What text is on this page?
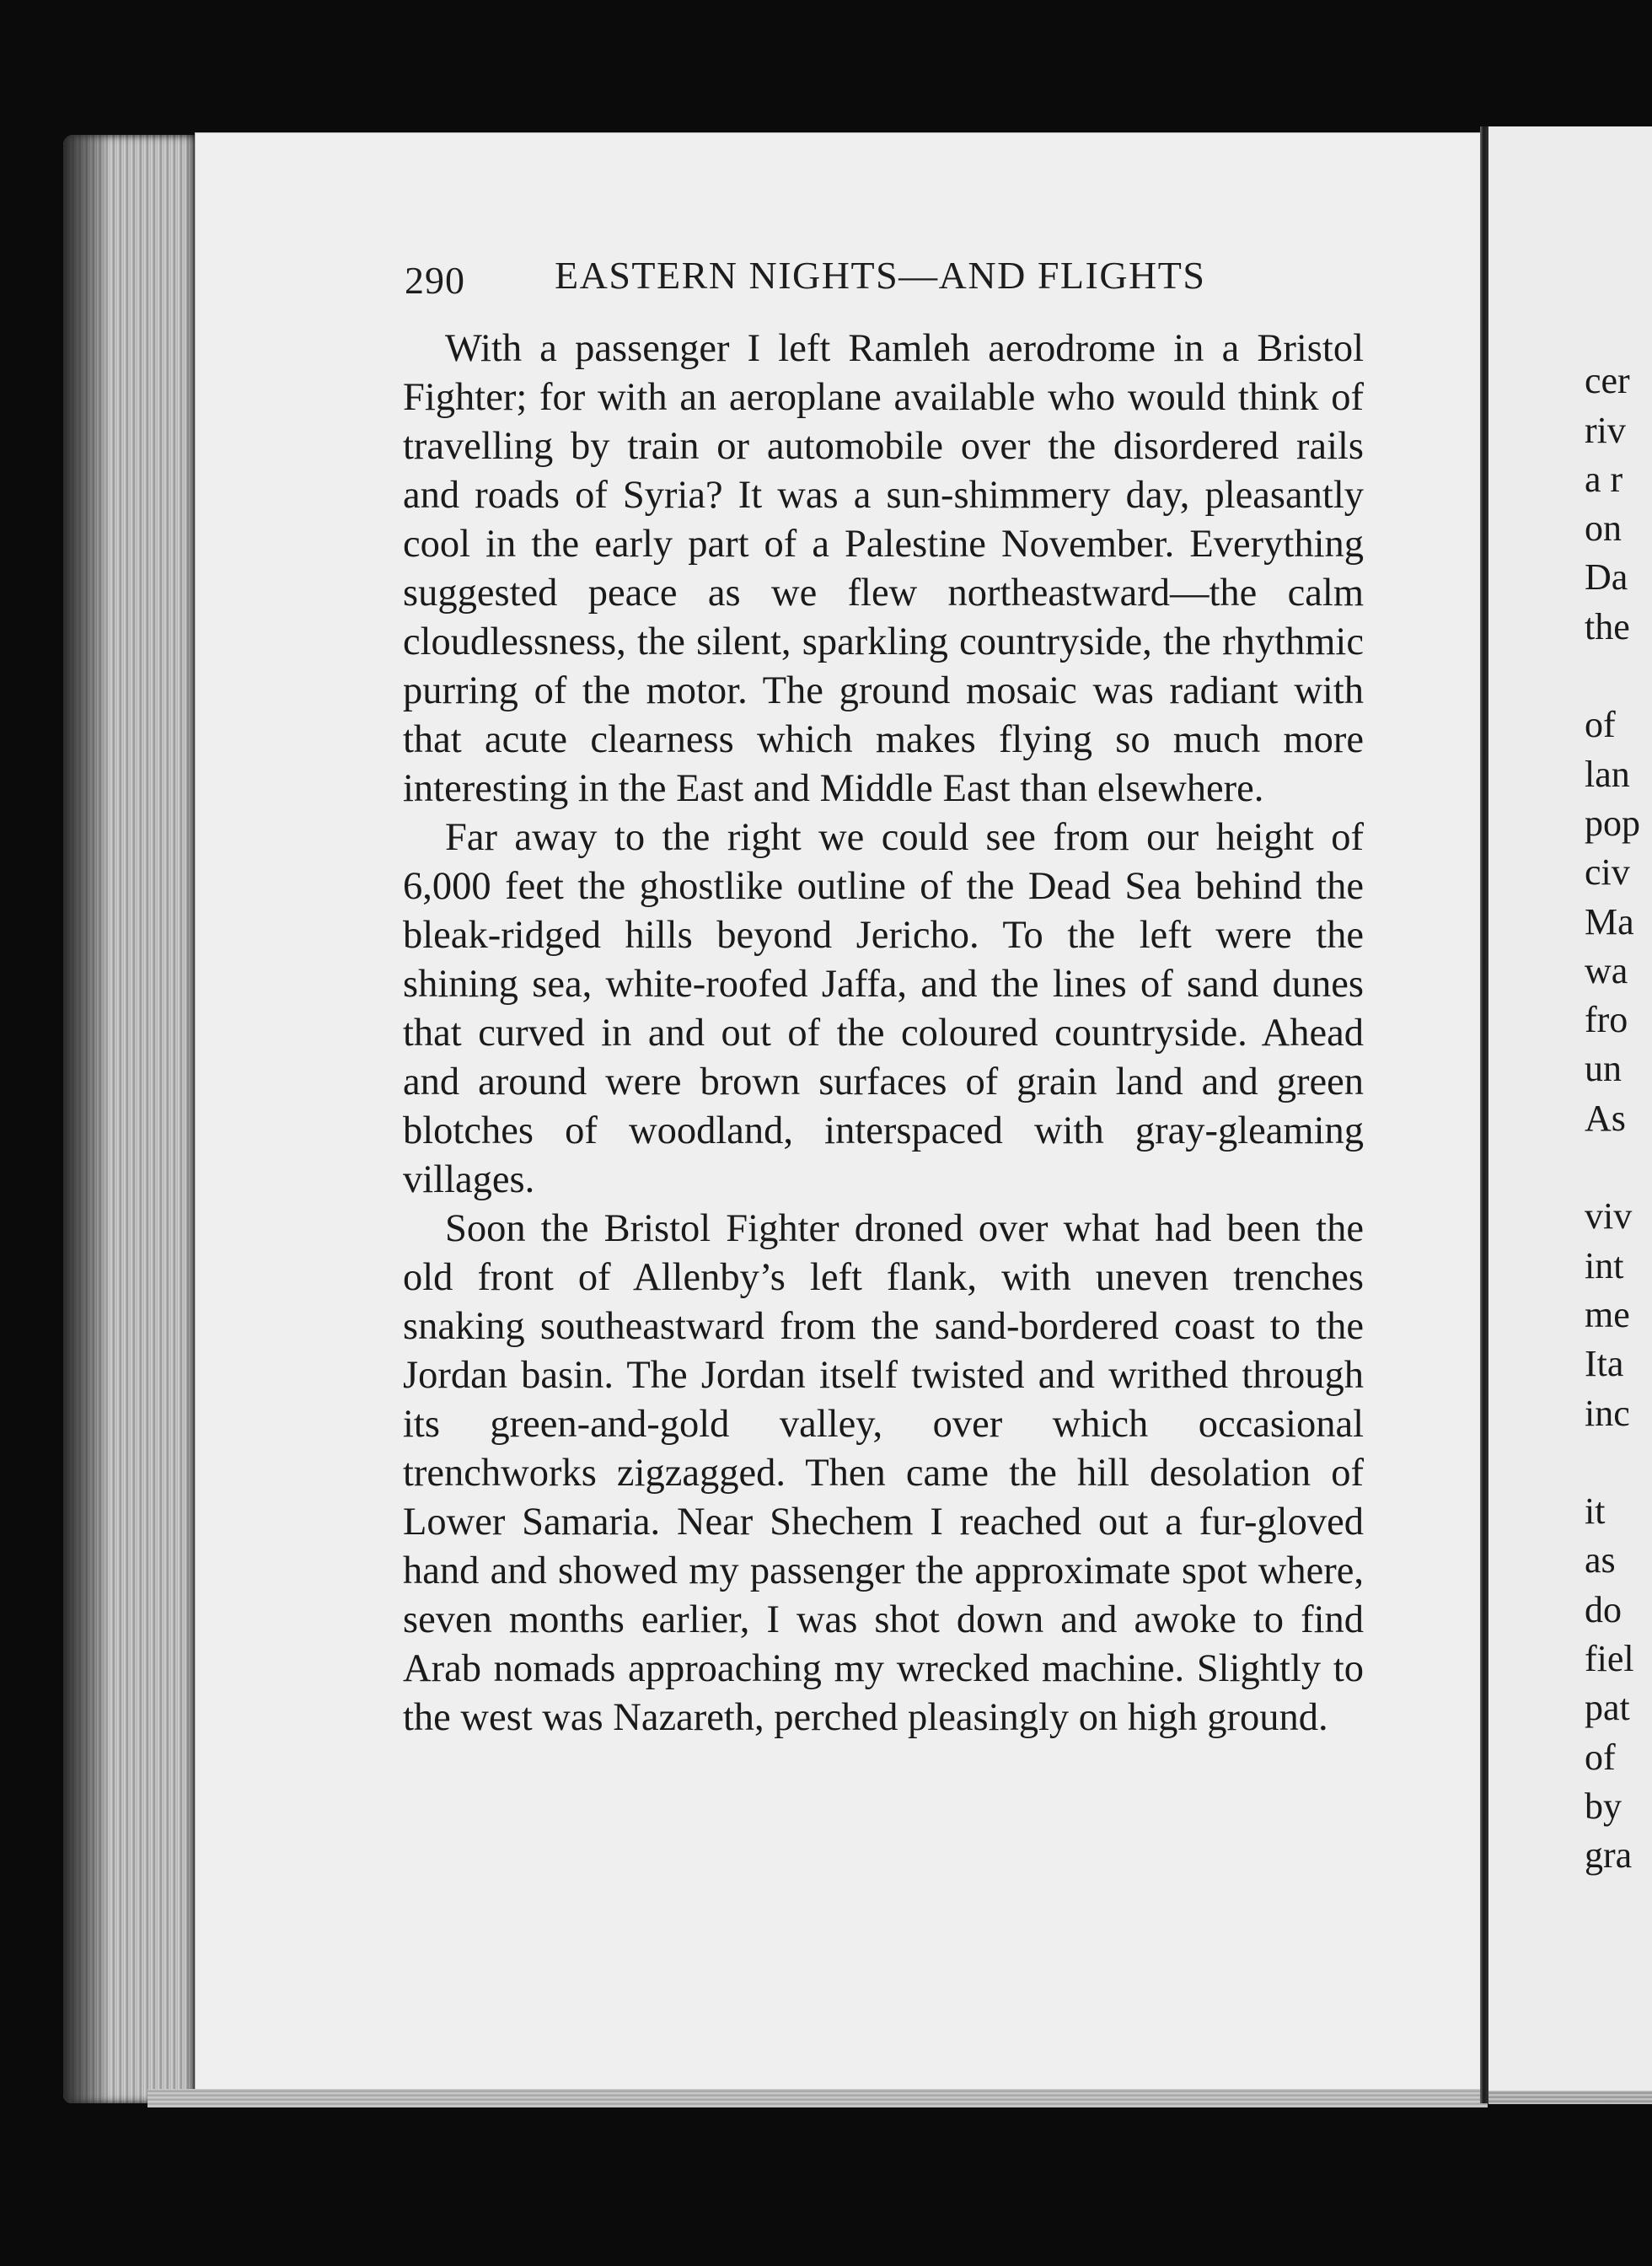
290 EASTERN NIGHTS—AND FLIGHTS

With a passenger I left Ramleh aerodrome in a Bristol Fighter; for with an aeroplane available who would think of travelling by train or automobile over the disordered rails and roads of Syria? It was a sun-shimmery day, pleasantly cool in the early part of a Palestine November. Everything suggested peace as we flew northeastward—the calm cloudlessness, the silent, sparkling countryside, the rhythmic purring of the motor. The ground mosaic was radiant with that acute clearness which makes flying so much more interesting in the East and Middle East than elsewhere.

Far away to the right we could see from our height of 6,000 feet the ghostlike outline of the Dead Sea behind the bleak-ridged hills beyond Jericho. To the left were the shining sea, white-roofed Jaffa, and the lines of sand dunes that curved in and out of the coloured countryside. Ahead and around were brown surfaces of grain land and green blotches of woodland, interspaced with gray-gleaming villages.

Soon the Bristol Fighter droned over what had been the old front of Allenby’s left flank, with uneven trenches snaking southeastward from the sand-bordered coast to the Jordan basin. The Jordan itself twisted and writhed through its green-and-gold valley, over which occasional trenchworks zigzagged. Then came the hill desolation of Lower Samaria. Near Shechem I reached out a fur-gloved hand and showed my passenger the approximate spot where, seven months earlier, I was shot down and awoke to find Arab nomads approaching my wrecked machine. Slightly to the west was Nazareth, perched pleasingly on high ground.

cer
riv
a r
on
Da
the
of
lan
pop
civ
Ma
wa
fro
un
As
viv
int
me
Ita
inc
it
as
do
fiel
pat
of
by
gra
